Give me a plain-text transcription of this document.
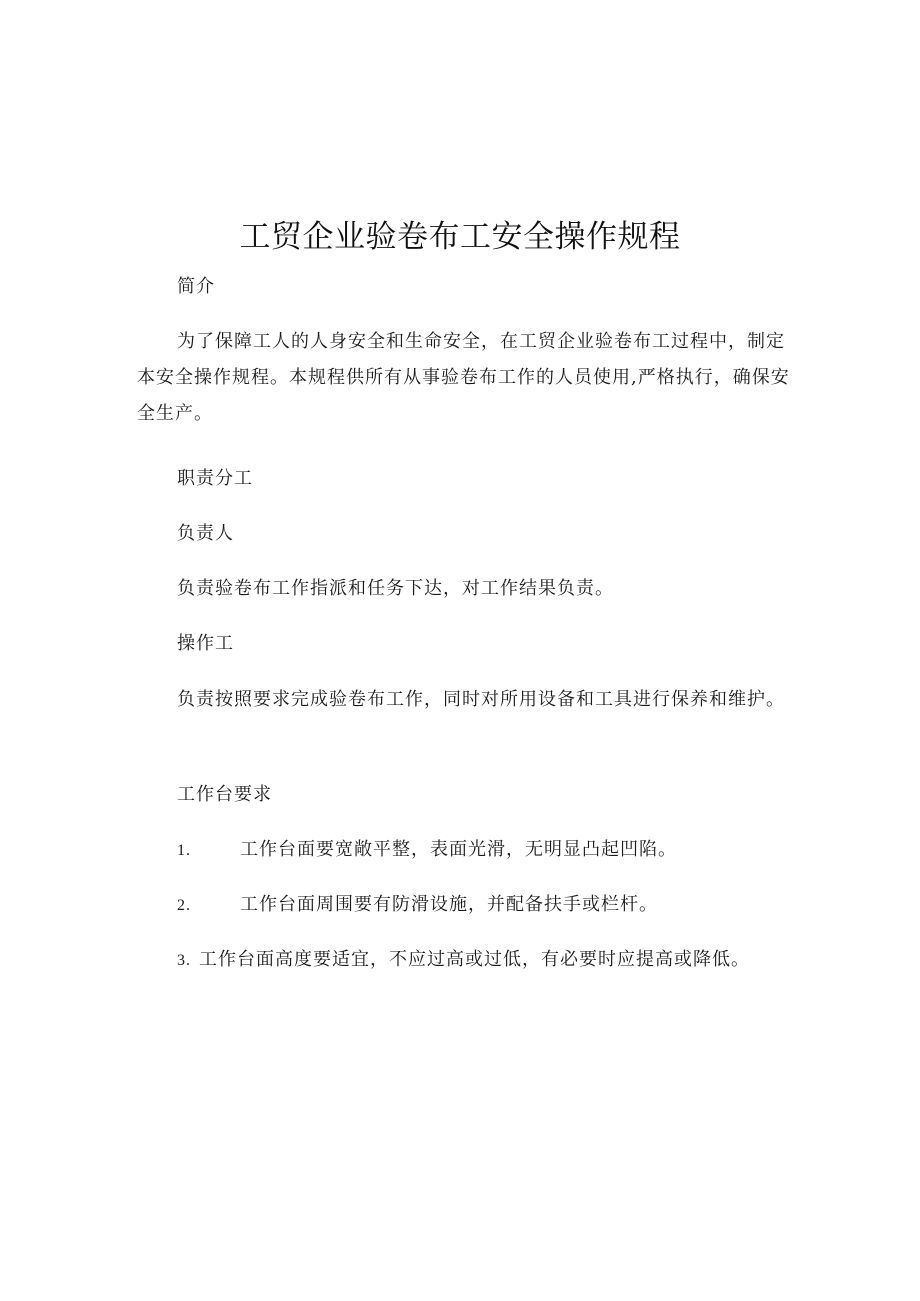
工贸企业验卷布工安全操作规程

简介

为了保障工人的人身安全和生命安全，在工贸企业验卷布工过程中，制定本安全操作规程。本规程供所有从事验卷布工作的人员使用,严格执行，确保安全生产。

职责分工

负责人

负责验卷布工作指派和任务下达，对工作结果负责。

操作工

负责按照要求完成验卷布工作，同时对所用设备和工具进行保养和维护。

工作台要求

1.	工作台面要宽敞平整，表面光滑，无明显凸起凹陷。

2.	工作台面周围要有防滑设施，并配备扶手或栏杆。

3. 工作台面高度要适宜，不应过高或过低，有必要时应提高或降低。
